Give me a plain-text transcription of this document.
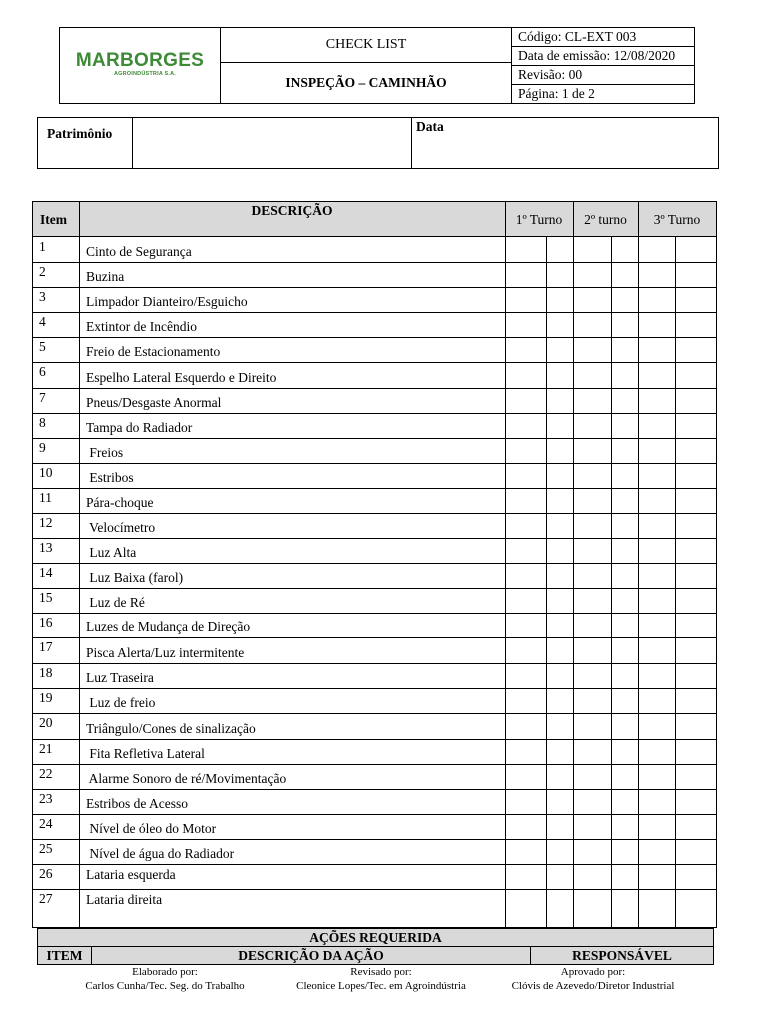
MARBORGES
AGROINDÚSTRIA S.A.
CHECK LIST
INSPEÇÃO – CAMINHÃO
Código: CL-EXT 003
Data de emissão: 12/08/2020
Revisão: 00
Página: 1 de 2
Patrimônio	Data
Item
DESCRIÇÃO
1º Turno	2º turno	3º Turno
1	Cinto de Segurança
2	Buzina
3	Limpador Dianteiro/Esguicho
4	Extintor de Incêndio
5	Freio de Estacionamento
6	Espelho Lateral Esquerdo e Direito
7	Pneus/Desgaste Anormal
8	Tampa do Radiador
9	Freios
10 Estribos
11	Pára-choque
12 Velocímetro
13 Luz Alta
14 Luz Baixa (farol)
15 Luz de Ré
16 Luzes de Mudança de Direção
17 Pisca Alerta/Luz intermitente
18 Luz Traseira
19 Luz de freio
20 Triângulo/Cones de sinalização
21 Fita Refletiva Lateral
22 Alarme Sonoro de ré/Movimentação
23 Estribos de Acesso
24 Nível de óleo do Motor
25 Nível de água do Radiador
26 Lataria esquerda
27 Lataria direita
AÇÕES REQUERIDA
ITEM	DESCRIÇÃO DA AÇÃO	RESPONSÁVEL
Elaborado por:
Carlos Cunha/Tec. Seg. do Trabalho
Revisado por:
Cleonice Lopes/Tec. em Agroindústria
Aprovado por:
Clóvis de Azevedo/Diretor Industrial
